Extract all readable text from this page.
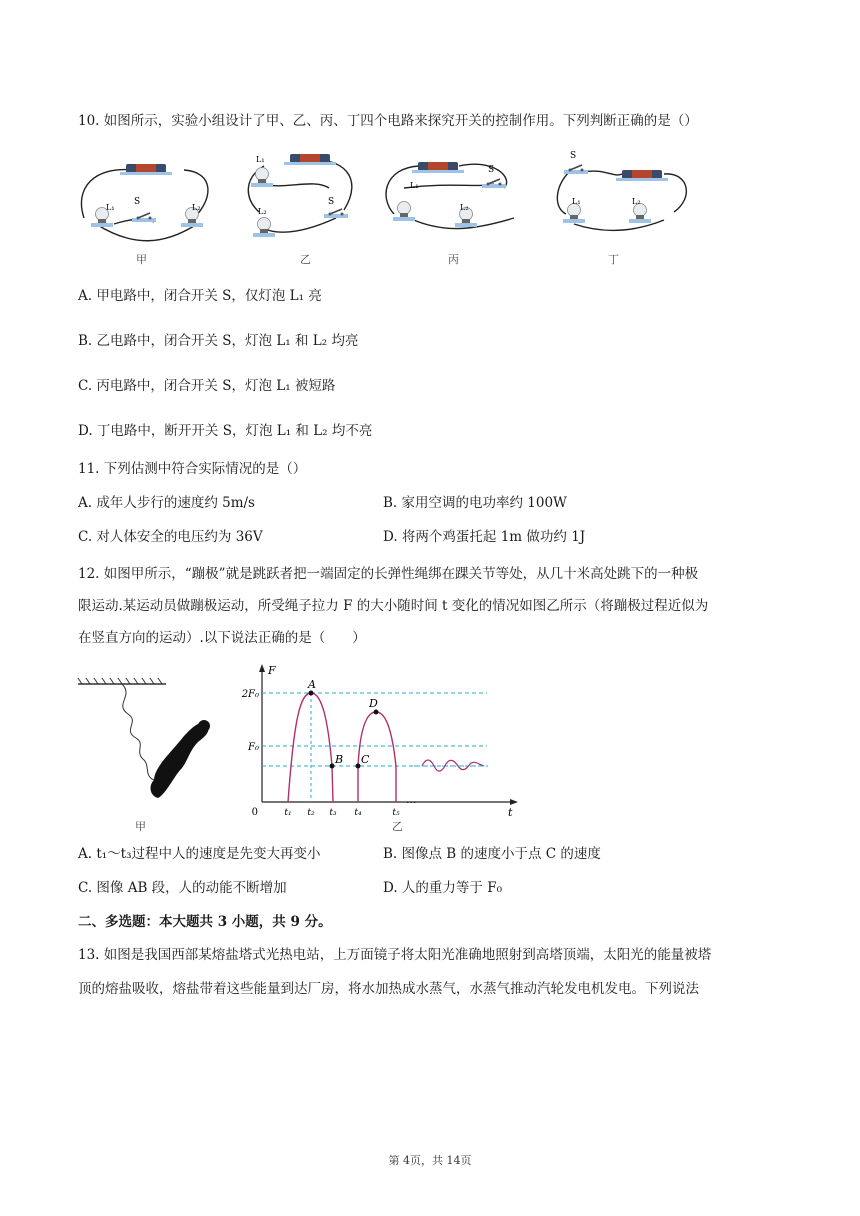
10. 如图所示，实验小组设计了甲、乙、丙、丁四个电路来探究开关的控制作用。下列判断正确的是（）
S
L₁	L₂
L₁
L₂
S
L₁
L₂
S
S
L₁	L₂
甲	乙	丙	丁
A. 甲电路中，闭合开关 S，仅灯泡 L₁ 亮
B. 乙电路中，闭合开关 S，灯泡 L₁ 和 L₂ 均亮
C. 丙电路中，闭合开关 S，灯泡 L₁ 被短路
D. 丁电路中，断开开关 S，灯泡 L₁ 和 L₂ 均不亮
11. 下列估测中符合实际情况的是（）
A. 成年人步行的速度约 5m/s	B. 家用空调的电功率约 100W
C. 对人体安全的电压约为 36V	D. 将两个鸡蛋托起 1m 做功约 1J
12. 如图甲所示，“蹦极”就是跳跃者把一端固定的长弹性绳绑在踝关节等处，从几十米高处跳下的一种极
限运动.某运动员做蹦极运动，所受绳子拉力 F 的大小随时间 t 变化的情况如图乙所示（将蹦极过程近似为
在竖直方向的运动）.以下说法正确的是（　　）
甲
F
t
0
2F₀
F₀
t₁ t₂ t₃ t₄	t₅
···
A
B C
D
乙
A. t₁～t₃过程中人的速度是先变大再变小	B. 图像点 B 的速度小于点 C 的速度
C. 图像 AB 段，人的动能不断增加	D. 人的重力等于 F₀
二、多选题：本大题共 3 小题，共 9 分。
13. 如图是我国西部某熔盐塔式光热电站，上万面镜子将太阳光准确地照射到高塔顶端，太阳光的能量被塔
顶的熔盐吸收，熔盐带着这些能量到达厂房，将水加热成水蒸气，水蒸气推动汽轮发电机发电。下列说法
第 4页，共 14页
